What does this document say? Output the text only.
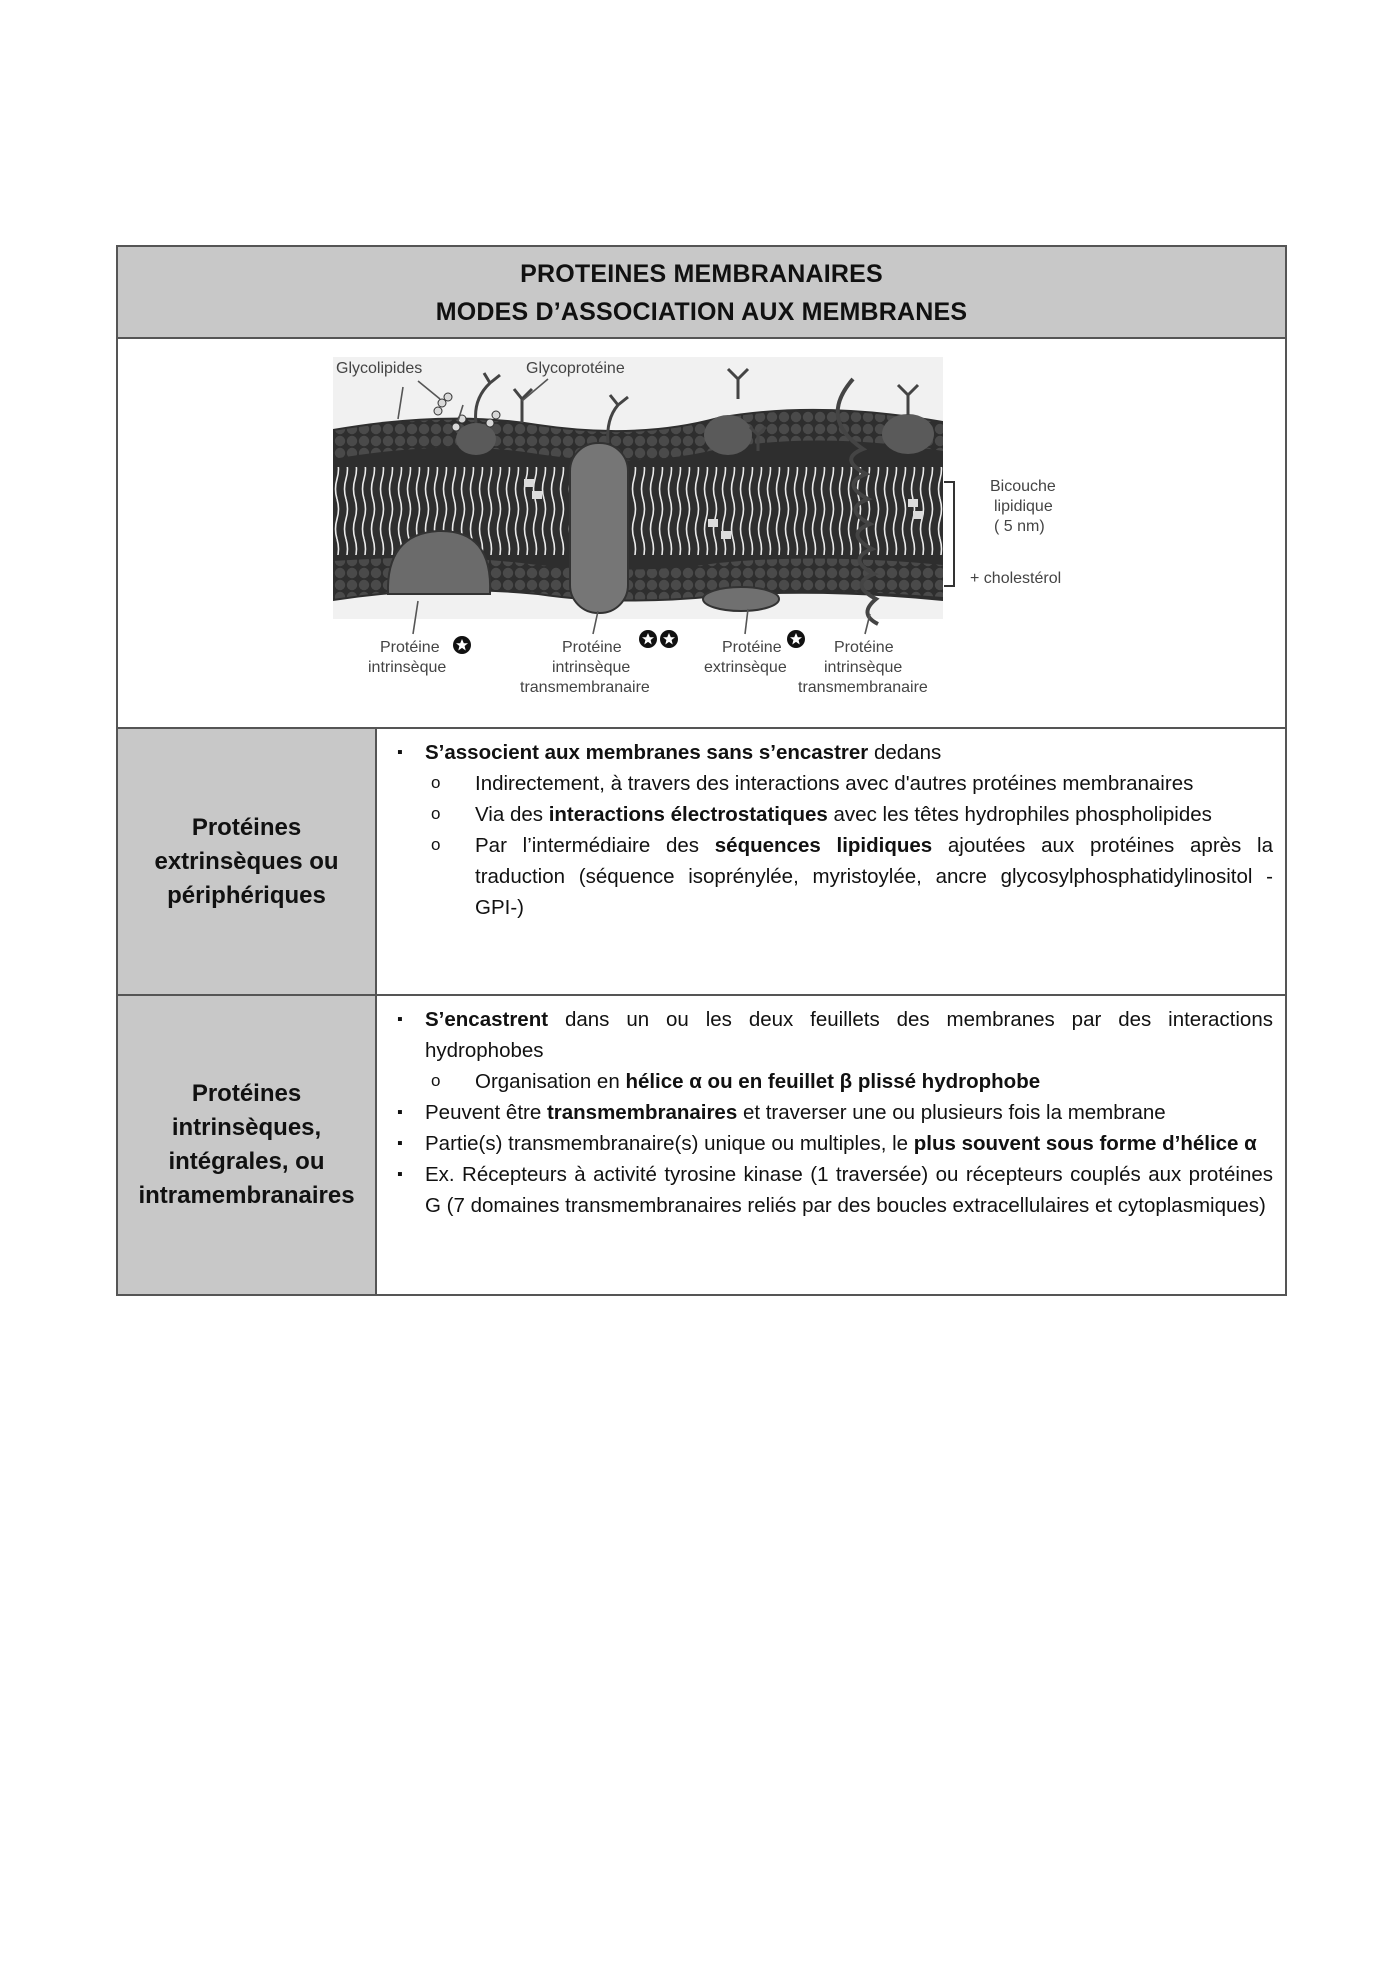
PROTEINES MEMBRANAIRES
MODES D’ASSOCIATION AUX MEMBRANES
Glycolipides	Glycoprotéine
Bicouche
lipidique
( 5 nm)
+ cholestérol
Protéine
intrinsèque
Protéine
intrinsèque
transmembranaire
Protéine
extrinsèque
Protéine
intrinsèque
transmembranaire
Protéines
extrinsèques ou
périphériques
▪ S’associent aux membranes sans s’encastrer dedans
o Indirectement, à travers des interactions avec d'autres protéines membranaires
o Via des interactions électrostatiques avec les têtes hydrophiles phospholipides
o Par l’intermédiaire des séquences lipidiques ajoutées aux protéines après la traduction (séquence isoprénylée, myristoylée, ancre glycosylphosphatidylinositol -GPI-)
Protéines
intrinsèques,
intégrales, ou
intramembranaires
▪ S’encastrent dans un ou les deux feuillets des membranes par des interactions hydrophobes
o Organisation en hélice α ou en feuillet β plissé hydrophobe
▪ Peuvent être transmembranaires et traverser une ou plusieurs fois la membrane
▪ Partie(s) transmembranaire(s) unique ou multiples, le plus souvent sous forme d’hélice α
▪ Ex. Récepteurs à activité tyrosine kinase (1 traversée) ou récepteurs couplés aux protéines G (7 domaines transmembranaires reliés par des boucles extracellulaires et cytoplasmiques)
